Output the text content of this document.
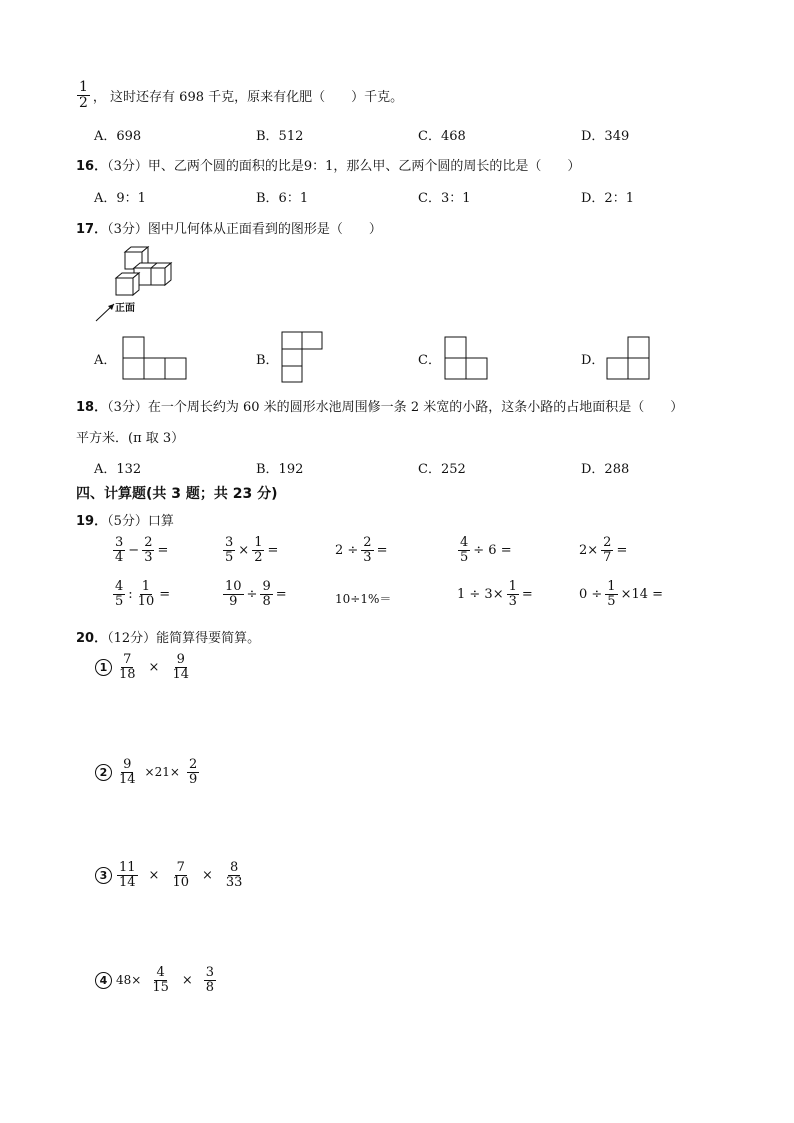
$\frac{1}{2}$ ， 这时还存有 698 千克，原来有化肥（　　）千克。
A．698	B．512	C．468	D．349
16．（3分）甲、乙两个圆的面积的比是9：1，那么甲、乙两个圆的周长的比是（　　）
A．9：1	B．6：1	C．3：1	D．2：1
17．（3分）图中几何体从正面看到的图形是（　　）
正面
A．	B．	C．	D．
18．（3分）在一个周长约为 60 米的圆形水池周围修一条 2 米宽的小路，这条小路的占地面积是（　　）
平方米．(π 取 3）
A．132	B．192	C．252	D．288
四、计算题(共 3 题；共 23 分)
19．（5分）口算
$\frac{3}{4} - \frac{2}{3}$ =	$\frac{3}{5} \times \frac{1}{2}$ =	$2 \div \frac{2}{3}$ =	$\frac{4}{5} \div 6$ =	$2\times \frac{2}{7}$ =
$\frac{4}{5}$ : $\frac{1}{10}$ =	$\frac{10}{9} \div \frac{9}{8}$ =	10÷1%＝	$1 \div 3\times \frac{1}{3}$ =	$0 \div \frac{1}{5} \times 14$ =
20．（12分）能简算得要简算。
$1 \frac{7}{18} \times \frac{9}{14}$
$2 \frac{9}{14} \times 21\times \frac{2}{9}$
$3 \frac{11}{14} \times \frac{7}{10} \times \frac{8}{33}$
4 $48\times \frac{4}{15} \times \frac{3}{8}$
